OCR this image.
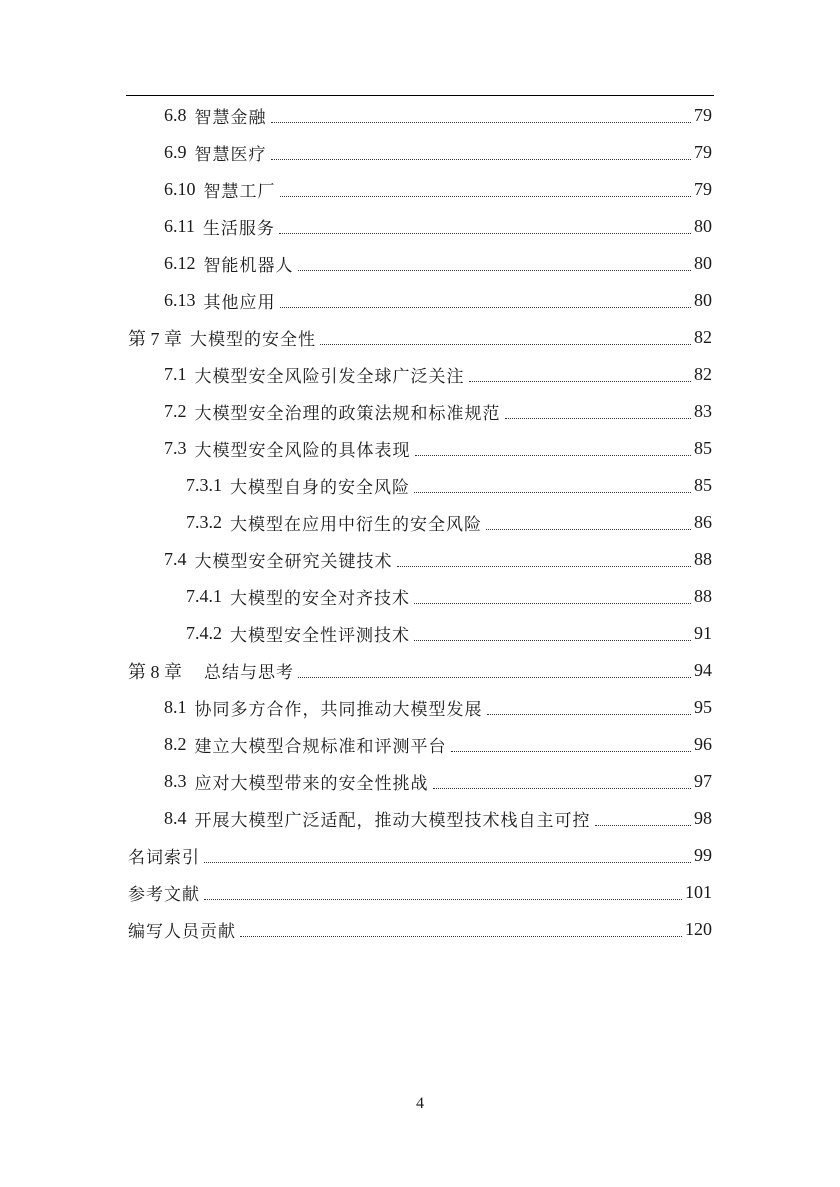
6.8 智慧金融	79
6.9 智慧医疗	79
6.10 智慧工厂	79
6.11 生活服务	80
6.12 智能机器人	80
6.13 其他应用	80
第 7 章 大模型的安全性	82
7.1 大模型安全风险引发全球广泛关注	82
7.2 大模型安全治理的政策法规和标准规范	83
7.3 大模型安全风险的具体表现	85
7.3.1 大模型自身的安全风险	85
7.3.2 大模型在应用中衍生的安全风险	86
7.4 大模型安全研究关键技术	88
7.4.1 大模型的安全对齐技术	88
7.4.2 大模型安全性评测技术	91
第 8 章 总结与思考	94
8.1 协同多方合作，共同推动大模型发展	95
8.2 建立大模型合规标准和评测平台	96
8.3 应对大模型带来的安全性挑战	97
8.4 开展大模型广泛适配，推动大模型技术栈自主可控	98
名词索引	99
参考文献	101
编写人员贡献	120
4
